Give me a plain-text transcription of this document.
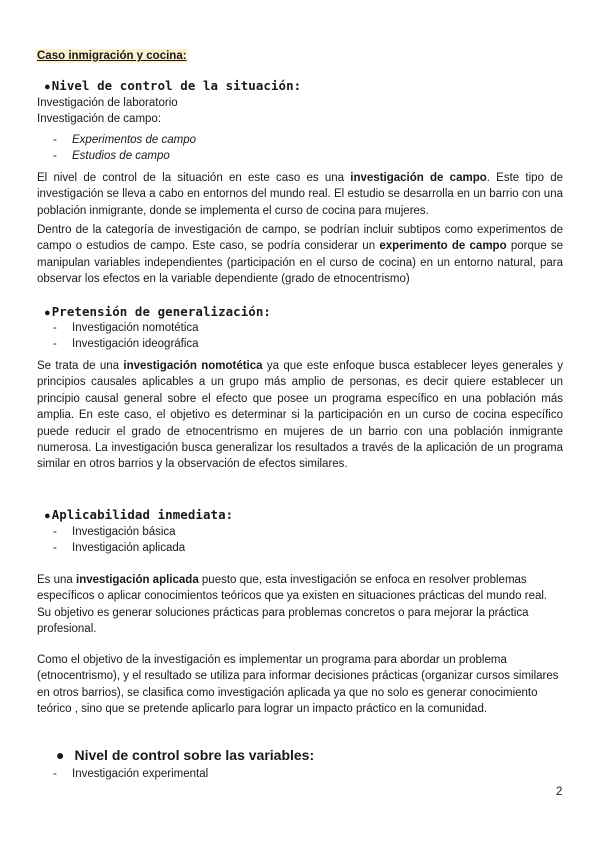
Caso inmigración y cocina:
●Nivel de control de la situación:
Investigación de laboratorio
Investigación de campo:
- Experimentos de campo
- Estudios de campo

El nivel de control de la situación en este caso es una investigación de campo. Este tipo de investigación se lleva a cabo en entornos del mundo real. El estudio se desarrolla en un barrio con una población inmigrante, donde se implementa el curso de cocina para mujeres.

Dentro de la categoría de investigación de campo, se podrían incluir subtipos como experimentos de campo o estudios de campo. Este caso, se podría considerar un experimento de campo porque se manipulan variables independientes (participación en el curso de cocina) en un entorno natural, para observar los efectos en la variable dependiente (grado de etnocentrismo)

●Pretensión de generalización:
- Investigación nomotética
- Investigación ideográfica

Se trata de una investigación nomotética ya que este enfoque busca establecer leyes generales y principios causales aplicables a un grupo más amplio de personas, es decir quiere establecer un principio causal general sobre el efecto que posee un programa específico en una población más amplia. En este caso, el objetivo es determinar si la participación en un curso de cocina específico puede reducir el grado de etnocentrismo en mujeres de un barrio con una población inmigrante numerosa. La investigación busca generalizar los resultados a través de la aplicación de un programa similar en otros barrios y la observación de efectos similares.

●Aplicabilidad inmediata:
- Investigación básica
- Investigación aplicada

Es una investigación aplicada puesto que, esta investigación se enfoca en resolver problemas específicos o aplicar conocimientos teóricos que ya existen en situaciones prácticas del mundo real. Su objetivo es generar soluciones prácticas para problemas concretos o para mejorar la práctica profesional.

Como el objetivo de la investigación es implementar un programa para abordar un problema (etnocentrismo), y el resultado se utiliza para informar decisiones prácticas (organizar cursos similares en otros barrios), se clasifica como investigación aplicada ya que no solo es generar conocimiento teórico , sino que se pretende aplicarlo para lograr un impacto práctico en la comunidad.

● Nivel de control sobre las variables:
- Investigación experimental
2
